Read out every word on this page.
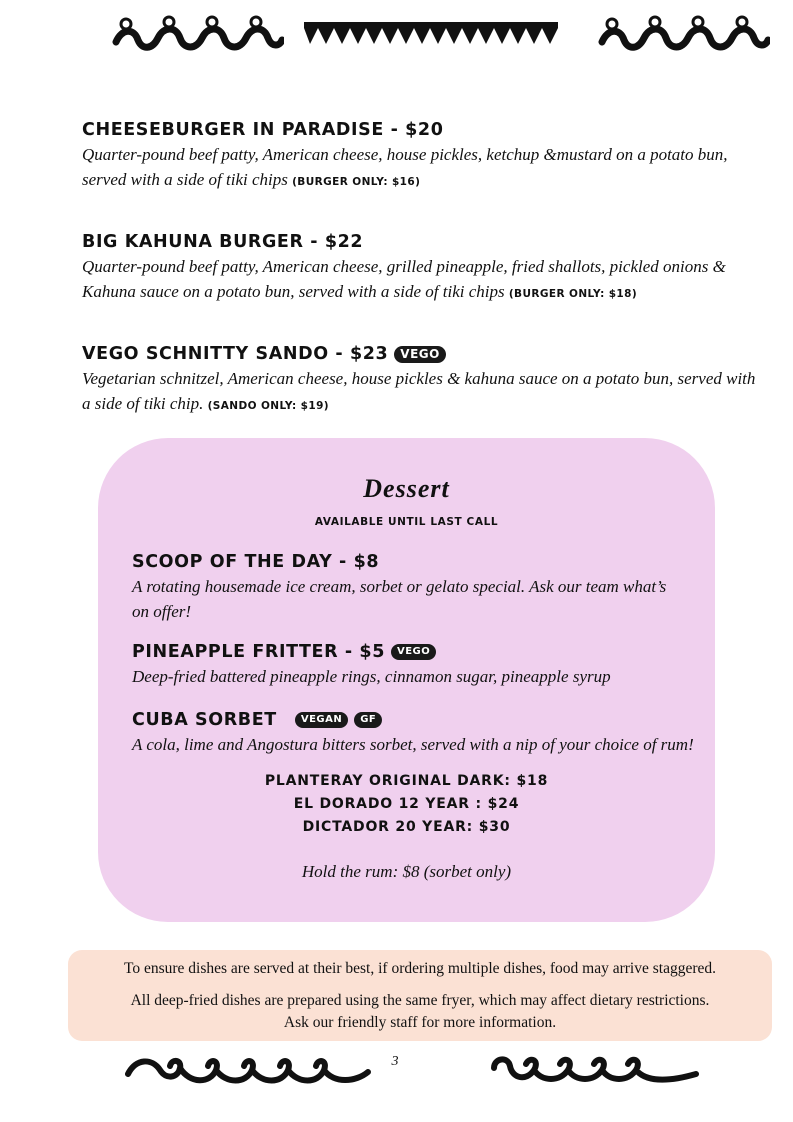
CHEESEBURGER IN PARADISE - $20
Quarter-pound beef patty, American cheese, house pickles, ketchup &mustard on a potato bun, served with a side of tiki chips (BURGER ONLY: $16)
BIG KAHUNA BURGER - $22
Quarter-pound beef patty, American cheese, grilled pineapple, fried shallots, pickled onions & Kahuna sauce on a potato bun, served with a side of tiki chips (BURGER ONLY: $18)
VEGO SCHNITTY SANDO - $23	VEGO
Vegetarian schnitzel, American cheese, house pickles & kahuna sauce on a potato bun, served with a side of tiki chip. (SANDO ONLY: $19)
Dessert
AVAILABLE UNTIL LAST CALL
SCOOP OF THE DAY - $8
A rotating housemade ice cream, sorbet or gelato special. Ask our team what’s on offer!
PINEAPPLE FRITTER - $5	VEGO
Deep-fried battered pineapple rings, cinnamon sugar, pineapple syrup
CUBA SORBET	VEGAN	GF
A cola, lime and Angostura bitters sorbet, served with a nip of your choice of rum!
PLANTERAY ORIGINAL DARK: $18
EL DORADO 12 YEAR : $24
DICTADOR 20 YEAR: $30
Hold the rum: $8 (sorbet only)

To ensure dishes are served at their best, if ordering multiple dishes, food may arrive staggered.

All deep-fried dishes are prepared using the same fryer, which may affect dietary restrictions.

Ask our friendly staff for more information.

3
